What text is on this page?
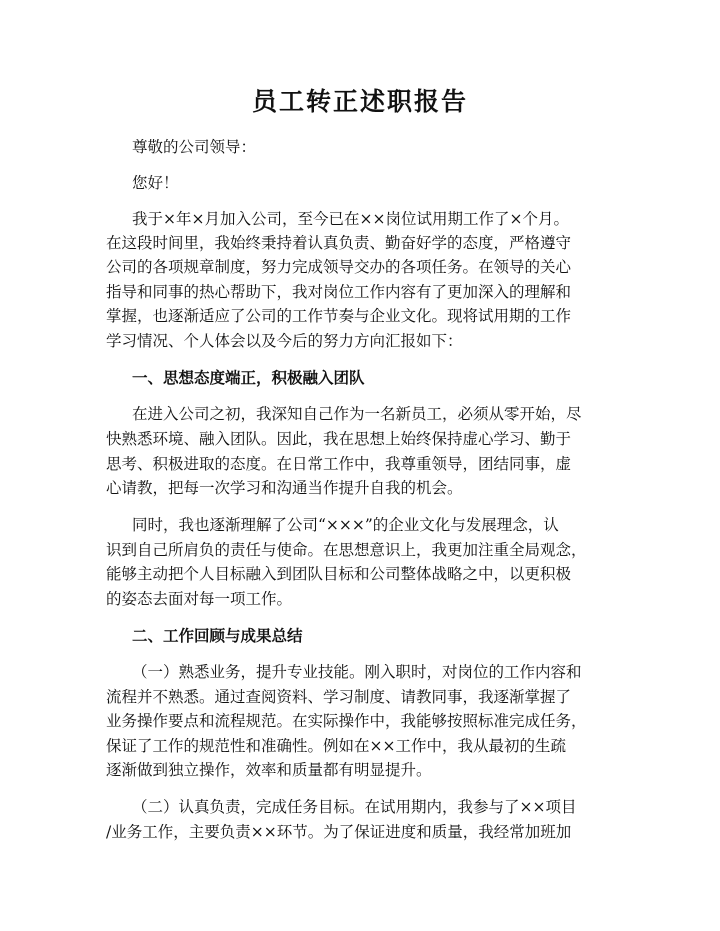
员工转正述职报告
尊敬的公司领导：
您好！
我于×年×月加入公司，至今已在××岗位试用期工作了×个月。
在这段时间里，我始终秉持着认真负责、勤奋好学的态度，严格遵守
公司的各项规章制度，努力完成领导交办的各项任务。在领导的关心
指导和同事的热心帮助下，我对岗位工作内容有了更加深入的理解和
掌握，也逐渐适应了公司的工作节奏与企业文化。现将试用期的工作
学习情况、个人体会以及今后的努力方向汇报如下：
一、思想态度端正，积极融入团队
在进入公司之初，我深知自己作为一名新员工，必须从零开始，尽
快熟悉环境、融入团队。因此，我在思想上始终保持虚心学习、勤于
思考、积极进取的态度。在日常工作中，我尊重领导，团结同事，虚
心请教，把每一次学习和沟通当作提升自我的机会。
同时，我也逐渐理解了公司“×××”的企业文化与发展理念，认
识到自己所肩负的责任与使命。在思想意识上，我更加注重全局观念，
能够主动把个人目标融入到团队目标和公司整体战略之中，以更积极
的姿态去面对每一项工作。
二、工作回顾与成果总结
（一）熟悉业务，提升专业技能。刚入职时，对岗位的工作内容和
流程并不熟悉。通过查阅资料、学习制度、请教同事，我逐渐掌握了
业务操作要点和流程规范。在实际操作中，我能够按照标准完成任务，
保证了工作的规范性和准确性。例如在××工作中，我从最初的生疏
逐渐做到独立操作，效率和质量都有明显提升。
（二）认真负责，完成任务目标。在试用期内，我参与了××项目
/业务工作，主要负责××环节。为了保证进度和质量，我经常加班加
